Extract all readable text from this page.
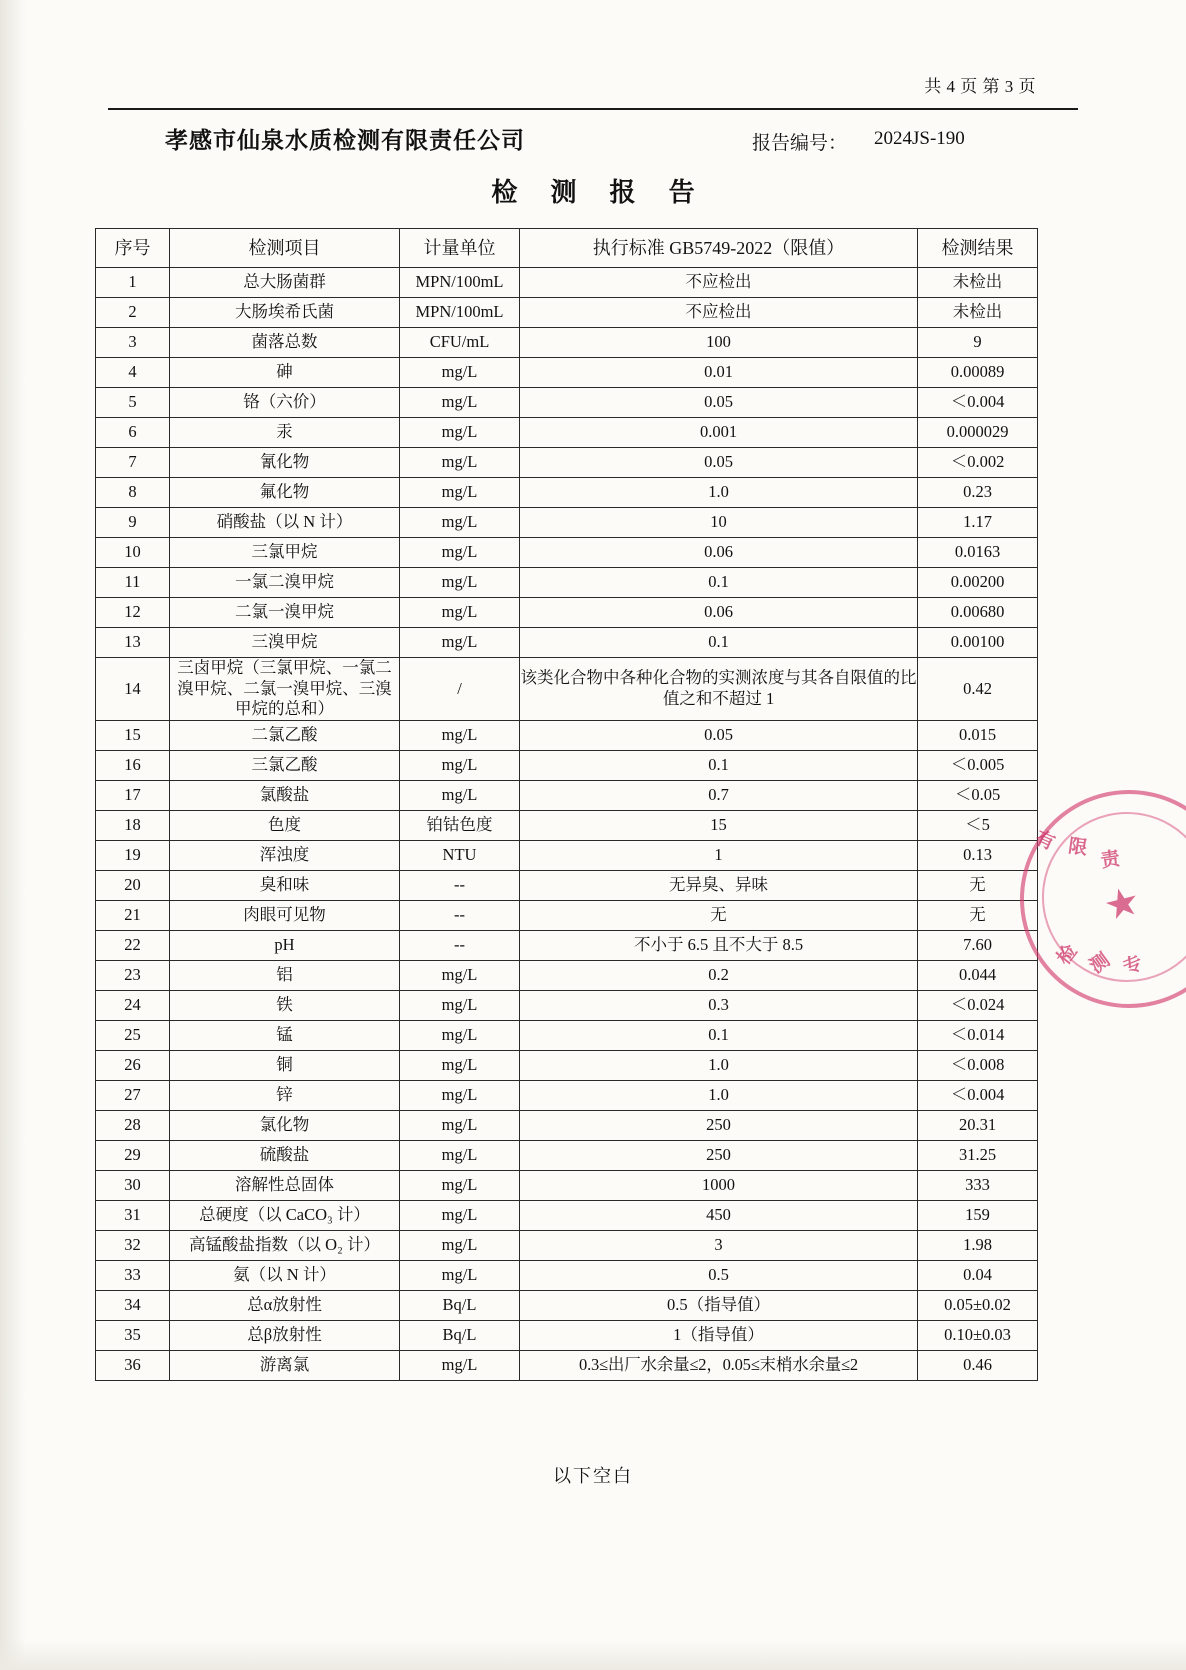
共 4 页 第 3 页
孝感市仙泉水质检测有限责任公司	报告编号： 2024JS-190
检 测 报 告
序号	检测项目	计量单位	执行标准 GB5749-2022（限值）	检测结果
1	总大肠菌群	MPN/100mL	不应检出	未检出
2	大肠埃希氏菌	MPN/100mL	不应检出	未检出
3	菌落总数	CFU/mL	100	9
4	砷	mg/L	0.01	0.00089
5	铬（六价）	mg/L	0.05	＜0.004
6	汞	mg/L	0.001	0.000029
7	氰化物	mg/L	0.05	＜0.002
8	氟化物	mg/L	1.0	0.23
9	硝酸盐（以 N 计）	mg/L	10	1.17
10	三氯甲烷	mg/L	0.06	0.0163
11	一氯二溴甲烷	mg/L	0.1	0.00200
12	二氯一溴甲烷	mg/L	0.06	0.00680
13	三溴甲烷	mg/L	0.1	0.00100
14	三卤甲烷（三氯甲烷、一氯二溴甲烷、二氯一溴甲烷、三溴甲烷的总和）	/	该类化合物中各种化合物的实测浓度与其各自限值的比值之和不超过 1	0.42
15	二氯乙酸	mg/L	0.05	0.015
16	三氯乙酸	mg/L	0.1	＜0.005
17	氯酸盐	mg/L	0.7	＜0.05
18	色度	铂钴色度	15	＜5
19	浑浊度	NTU	1	0.13
20	臭和味	--	无异臭、异味	无
21	肉眼可见物	--	无	无
22	pH	--	不小于 6.5 且不大于 8.5	7.60
23	铝	mg/L	0.2	0.044
24	铁	mg/L	0.3	＜0.024
25	锰	mg/L	0.1	＜0.014
26	铜	mg/L	1.0	＜0.008
27	锌	mg/L	1.0	＜0.004
28	氯化物	mg/L	250	20.31
29	硫酸盐	mg/L	250	31.25
30	溶解性总固体	mg/L	1000	333
31	总硬度（以 CaCO₃ 计）	mg/L	450	159
32	高锰酸盐指数（以 O₂ 计）	mg/L	3	1.98
33	氨（以 N 计）	mg/L	0.5	0.04
34	总α放射性	Bq/L	0.5（指导值）	0.05±0.02
35	总β放射性	Bq/L	1（指导值）	0.10±0.03
36	游离氯	mg/L	0.3≤出厂水余量≤2，0.05≤末梢水余量≤2	0.46
以下空白
有 限
责
检 测 专
★
